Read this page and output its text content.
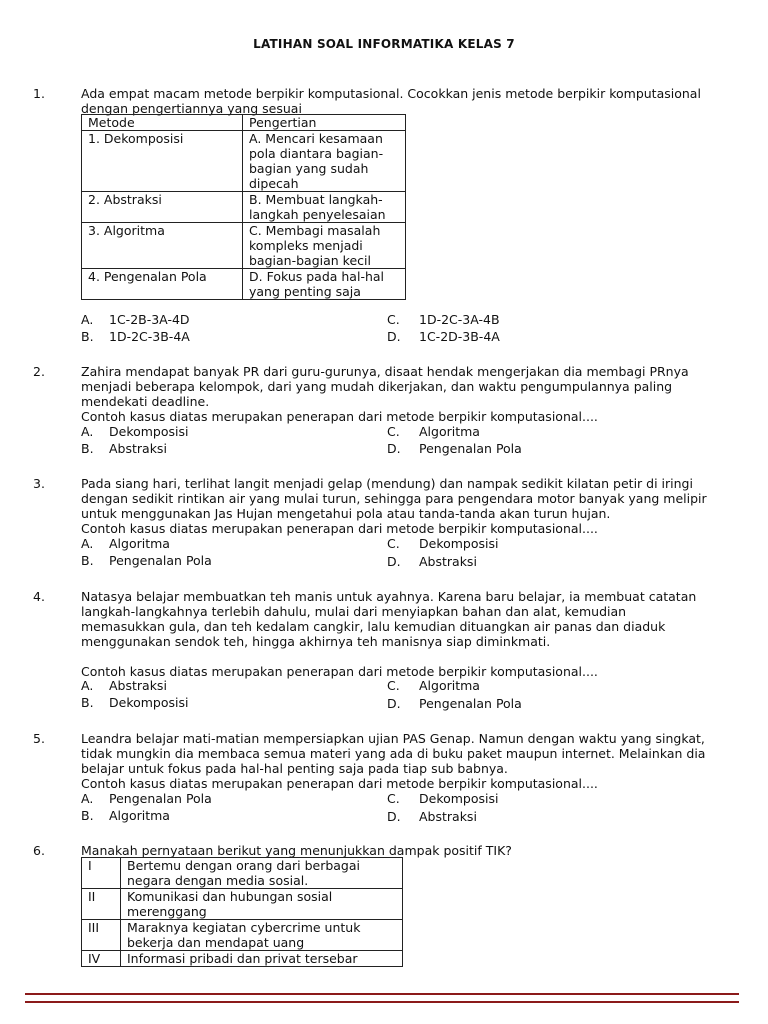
LATIHAN SOAL INFORMATIKA KELAS 7
1.	Ada empat macam metode berpikir komputasional. Cocokkan jenis metode berpikir komputasional

dengan pengertiannya yang sesuai

Metode	Pengertian
1. Dekomposisi	A. Mencari kesamaan
pola diantara bagian-
bagian yang sudah
dipecah

2. Abstraksi	B. Membuat langkah-
langkah penyelesaian

3. Algoritma	C. Membagi masalah
kompleks menjadi
bagian-bagian kecil

4. Pengenalan Pola	D. Fokus pada hal-hal
yang penting saja
A. 1C-2B-3A-4D
B. 1D-2C-3B-4A
C. 1D-2C-3A-4B
D. 1C-2D-3B-4A
2.	Zahira mendapat banyak PR dari guru-gurunya, disaat hendak mengerjakan dia membagi PRnya

menjadi beberapa kelompok, dari yang mudah dikerjakan, dan waktu pengumpulannya paling

mendekati deadline.

Contoh kasus diatas merupakan penerapan dari metode berpikir komputasional....

A. Dekomposisi
B. Abstraksi
C. Algoritma
D. Pengenalan Pola
3.	Pada siang hari, terlihat langit menjadi gelap (mendung) dan nampak sedikit kilatan petir di iringi

dengan sedikit rintikan air yang mulai turun, sehingga para pengendara motor banyak yang melipir

untuk menggunakan Jas Hujan mengetahui pola atau tanda-tanda akan turun hujan.

Contoh kasus diatas merupakan penerapan dari metode berpikir komputasional....

A. Algoritma
B. Pengenalan Pola
C. Dekomposisi
D. Abstraksi
4.	Natasya belajar membuatkan teh manis untuk ayahnya. Karena baru belajar, ia membuat catatan

langkah-langkahnya terlebih dahulu, mulai dari menyiapkan bahan dan alat, kemudian

memasukkan gula, dan teh kedalam cangkir, lalu kemudian dituangkan air panas dan diaduk

menggunakan sendok teh, hingga akhirnya teh manisnya siap diminkmati.

Contoh kasus diatas merupakan penerapan dari metode berpikir komputasional....

A. Abstraksi
B. Dekomposisi
C. Algoritma
D. Pengenalan Pola
5.	Leandra belajar mati-matian mempersiapkan ujian PAS Genap. Namun dengan waktu yang singkat,

tidak mungkin dia membaca semua materi yang ada di buku paket maupun internet. Melainkan dia

belajar untuk fokus pada hal-hal penting saja pada tiap sub babnya.

Contoh kasus diatas merupakan penerapan dari metode berpikir komputasional....

A. Pengenalan Pola
B. Algoritma
C. Dekomposisi
D. Abstraksi
6.	Manakah pernyataan berikut yang menunjukkan dampak positif TIK?

I	Bertemu dengan orang dari berbagai
negara dengan media sosial.

II	Komunikasi dan hubungan sosial
merenggang

III	Maraknya kegiatan cybercrime untuk
bekerja dan mendapat uang

IV	Informasi pribadi dan privat tersebar
